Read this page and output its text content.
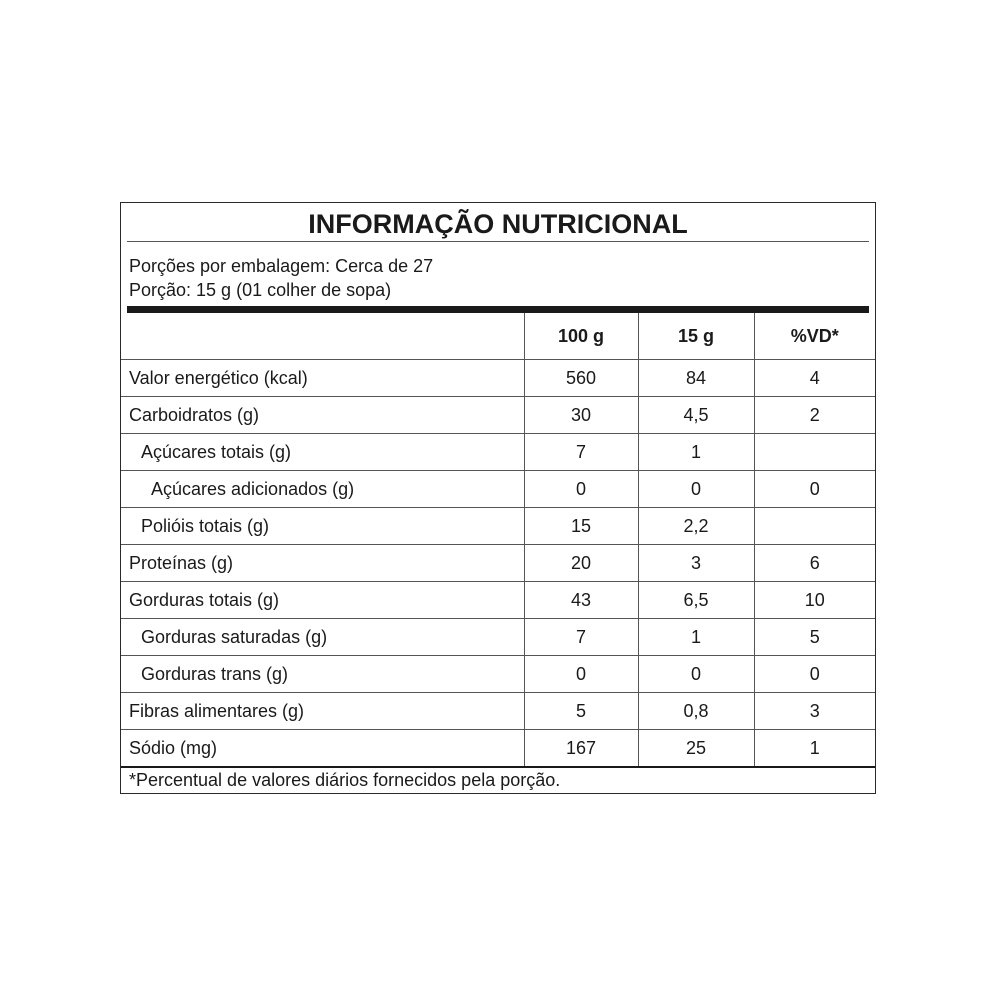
INFORMAÇÃO NUTRICIONAL
Porções por embalagem: Cerca de 27
Porção: 15 g (01 colher de sopa)
	100 g	15 g	%VD*
Valor energético (kcal)	560	84	4
Carboidratos (g)	30	4,5	2
Açúcares totais (g)	7	1	
Açúcares adicionados (g)	0	0	0
Polióis totais (g)	15	2,2	
Proteínas (g)	20	3	6
Gorduras totais (g)	43	6,5	10
Gorduras saturadas (g)	7	1	5
Gorduras trans (g)	0	0	0
Fibras alimentares (g)	5	0,8	3
Sódio (mg)	167	25	1
*Percentual de valores diários fornecidos pela porção.
